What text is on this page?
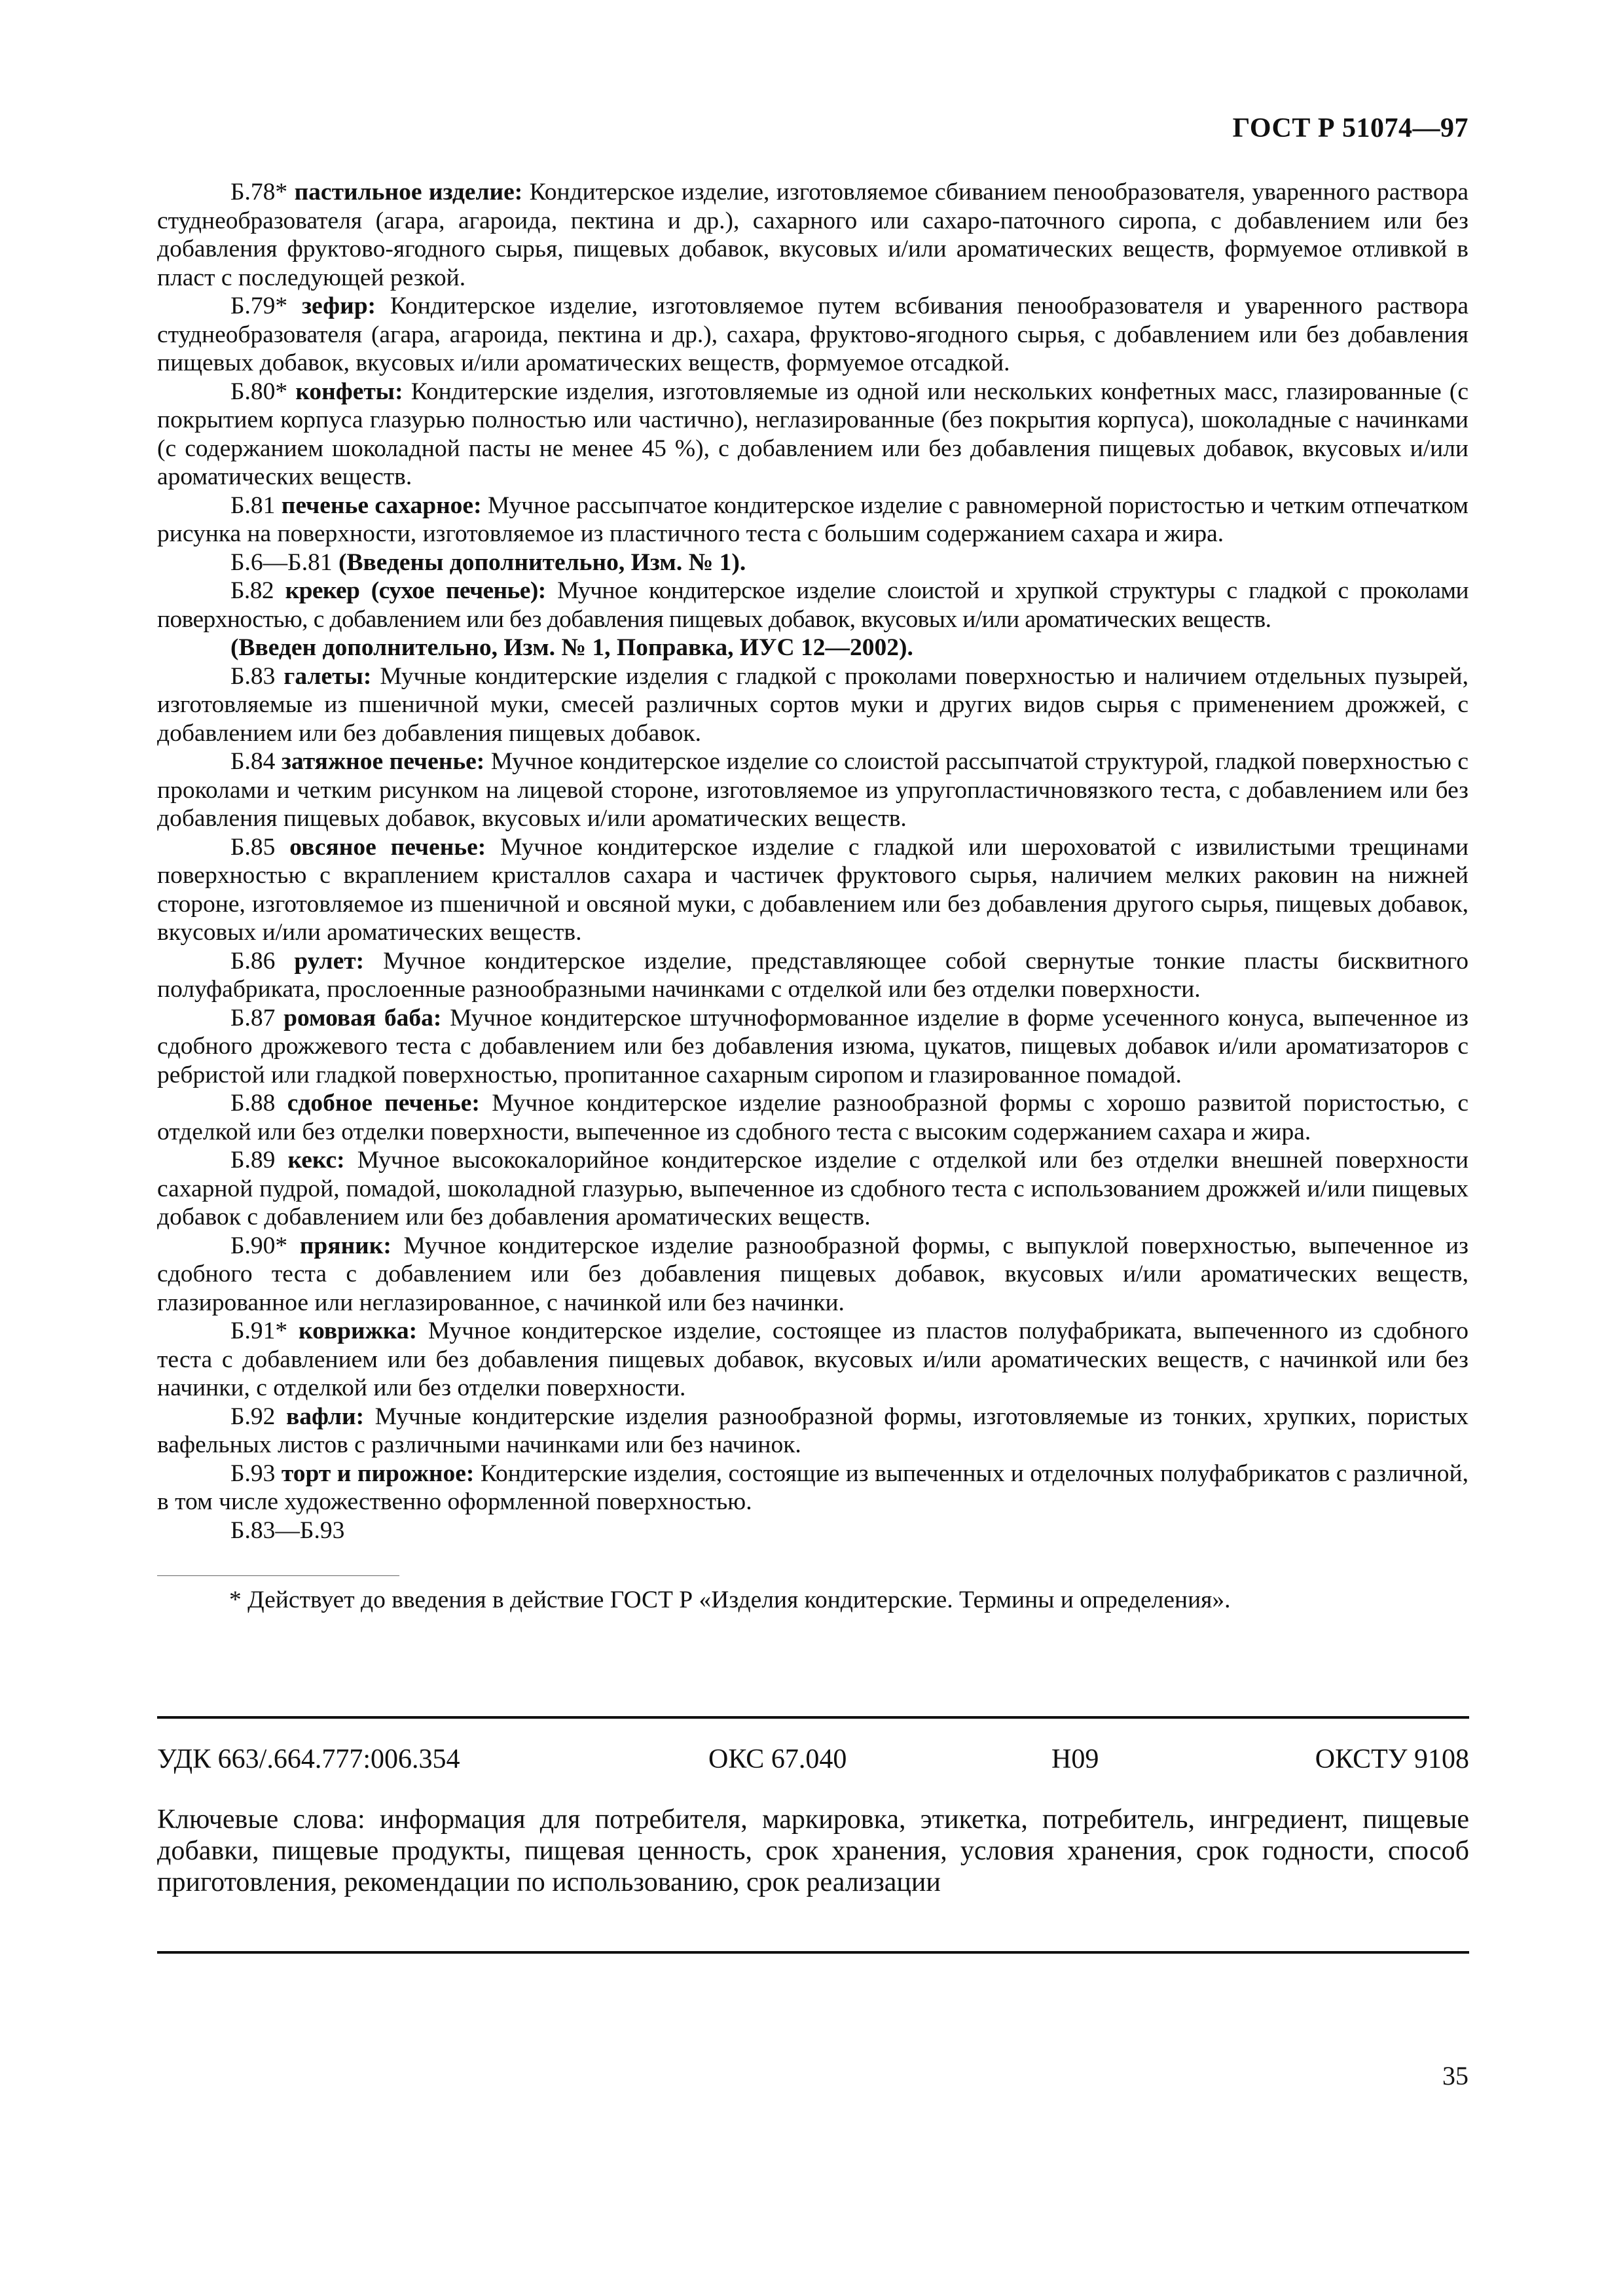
ГОСТ Р 51074—97

Б.78* пастильное изделие: Кондитерское изделие, изготовляемое сбиванием пенообразователя, уваренного раствора студнеобразователя (агара, агароида, пектина и др.), сахарного или сахаро-паточного сиропа, с добавлением или без добавления фруктово-ягодного сырья, пищевых добавок, вкусовых и/или ароматических веществ, формуемое отливкой в пласт с последующей резкой.

Б.79* зефир: Кондитерское изделие, изготовляемое путем всбивания пенообразователя и уваренного раствора студнеобразователя (агара, агароида, пектина и др.), сахара, фруктово-ягодного сырья, с добавлением или без добавления пищевых добавок, вкусовых и/или ароматических веществ, формуемое отсадкой.

Б.80* конфеты: Кондитерские изделия, изготовляемые из одной или нескольких конфетных масс, глазированные (с покрытием корпуса глазурью полностью или частично), неглазированные (без покрытия корпуса), шоколадные с начинками (с содержанием шоколадной пасты не менее 45 %), с добавлением или без добавления пищевых добавок, вкусовых и/или ароматических веществ.

Б.81 печенье сахарное: Мучное рассыпчатое кондитерское изделие с равномерной пористостью и четким отпечатком рисунка на поверхности, изготовляемое из пластичного теста с большим содержанием сахара и жира.

Б.6—Б.81 (Введены дополнительно, Изм. № 1).

Б.82 крекер (сухое печенье): Мучное кондитерское изделие слоистой и хрупкой структуры с гладкой с проколами поверхностью, с добавлением или без добавления пищевых добавок, вкусовых и/или ароматических веществ.

(Введен дополнительно, Изм. № 1, Поправка, ИУС 12—2002).

Б.83 галеты: Мучные кондитерские изделия с гладкой с проколами поверхностью и наличием отдельных пузырей, изготовляемые из пшеничной муки, смесей различных сортов муки и других видов сырья с применением дрожжей, с добавлением или без добавления пищевых добавок.

Б.84 затяжное печенье: Мучное кондитерское изделие со слоистой рассыпчатой структурой, гладкой поверхностью с проколами и четким рисунком на лицевой стороне, изготовляемое из упругопластичновязкого теста, с добавлением или без добавления пищевых добавок, вкусовых и/или ароматических веществ.

Б.85 овсяное печенье: Мучное кондитерское изделие с гладкой или шероховатой с извилистыми трещинами поверхностью с вкраплением кристаллов сахара и частичек фруктового сырья, наличием мелких раковин на нижней стороне, изготовляемое из пшеничной и овсяной муки, с добавлением или без добавления другого сырья, пищевых добавок, вкусовых и/или ароматических веществ.

Б.86 рулет: Мучное кондитерское изделие, представляющее собой свернутые тонкие пласты бисквитного полуфабриката, прослоенные разнообразными начинками с отделкой или без отделки поверхности.

Б.87 ромовая баба: Мучное кондитерское штучноформованное изделие в форме усеченного конуса, выпеченное из сдобного дрожжевого теста с добавлением или без добавления изюма, цукатов, пищевых добавок и/или ароматизаторов с ребристой или гладкой поверхностью, пропитанное сахарным сиропом и глазированное помадой.

Б.88 сдобное печенье: Мучное кондитерское изделие разнообразной формы с хорошо развитой пористостью, с отделкой или без отделки поверхности, выпеченное из сдобного теста с высоким содержанием сахара и жира.

Б.89 кекс: Мучное высококалорийное кондитерское изделие с отделкой или без отделки внешней поверхности сахарной пудрой, помадой, шоколадной глазурью, выпеченное из сдобного теста с использованием дрожжей и/или пищевых добавок с добавлением или без добавления ароматических веществ.

Б.90* пряник: Мучное кондитерское изделие разнообразной формы, с выпуклой поверхностью, выпеченное из сдобного теста с добавлением или без добавления пищевых добавок, вкусовых и/или ароматических веществ, глазированное или неглазированное, с начинкой или без начинки.

Б.91* коврижка: Мучное кондитерское изделие, состоящее из пластов полуфабриката, выпеченного из сдобного теста с добавлением или без добавления пищевых добавок, вкусовых и/или ароматических веществ, с начинкой или без начинки, с отделкой или без отделки поверхности.

Б.92 вафли: Мучные кондитерские изделия разнообразной формы, изготовляемые из тонких, хрупких, пористых вафельных листов с различными начинками или без начинок.

Б.93 торт и пирожное: Кондитерские изделия, состоящие из выпеченных и отделочных полуфабрикатов с различной, в том числе художественно оформленной поверхностью.

Б.83—Б.93

* Действует до введения в действие ГОСТ Р «Изделия кондитерские. Термины и определения».
УДК 663/.664.777:006.354	ОКС 67.040	Н09	ОКСТУ 9108
Ключевые слова: информация для потребителя, маркировка, этикетка, потребитель, ингредиент, пищевые добавки, пищевые продукты, пищевая ценность, срок хранения, условия хранения, срок годности, способ приготовления, рекомендации по использованию, срок реализации
35
